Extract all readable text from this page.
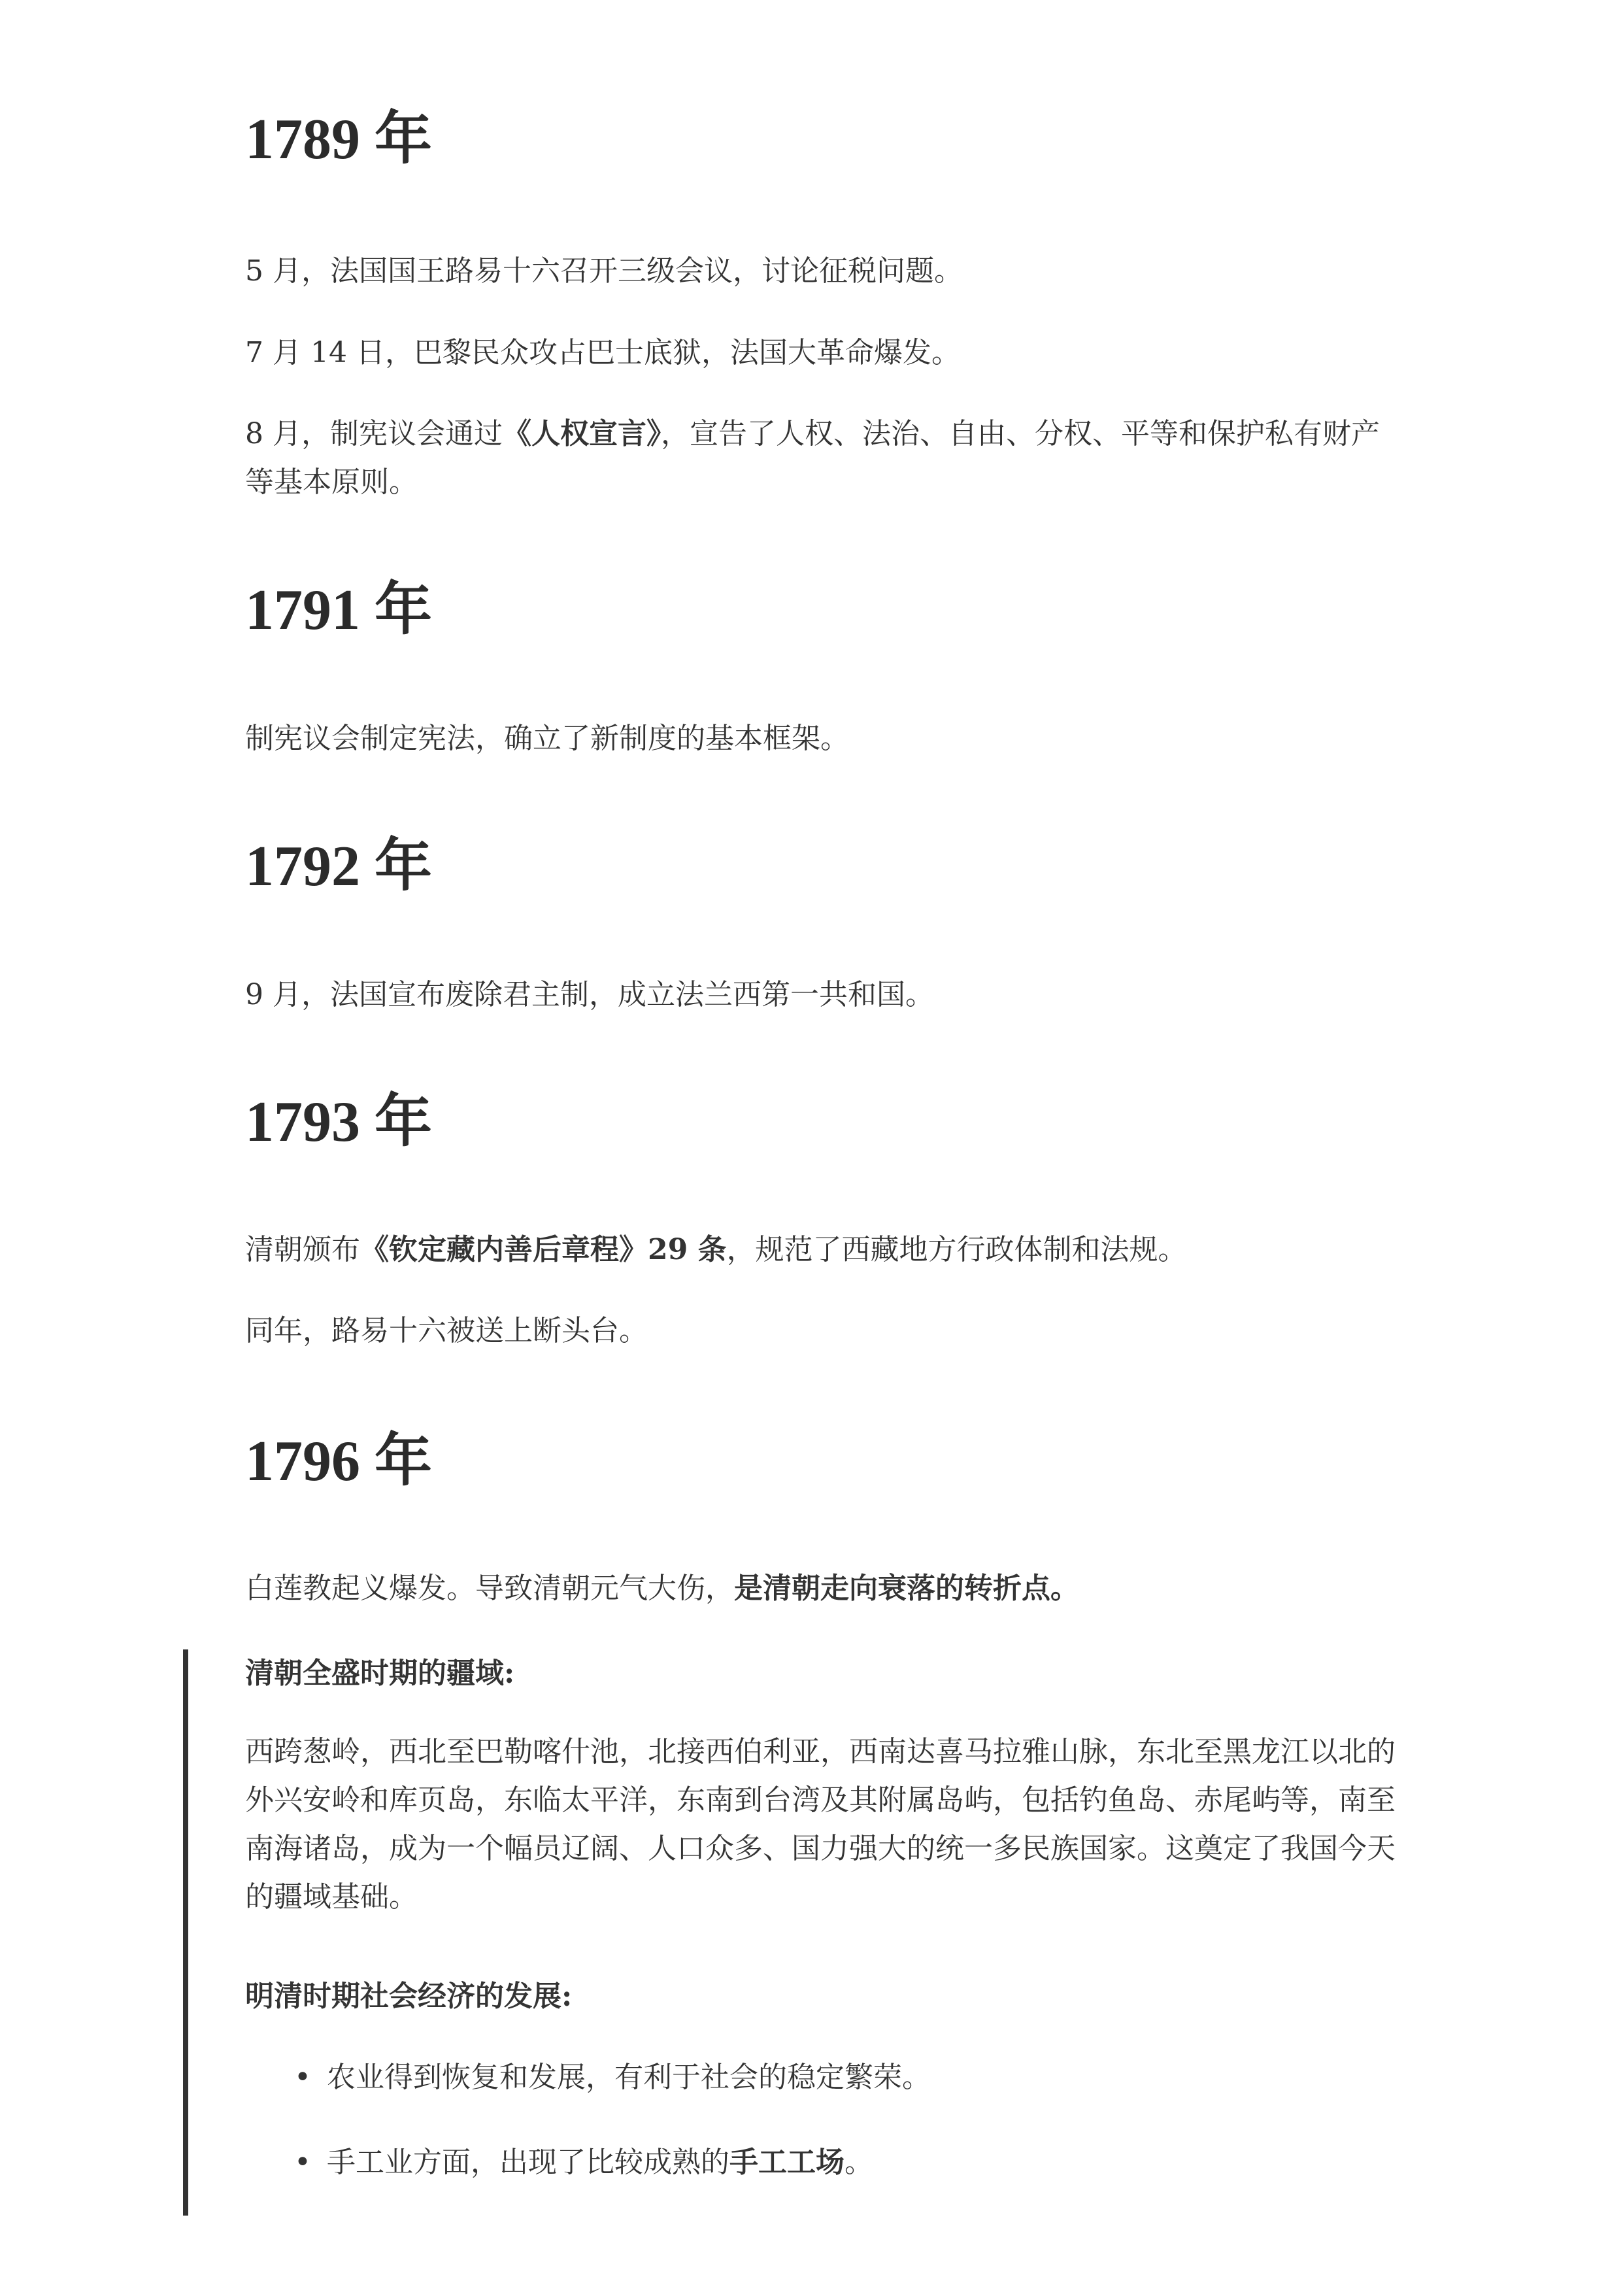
1789 年

5 月，法国国王路易十六召开三级会议，讨论征税问题。

7 月 14 日，巴黎民众攻占巴士底狱，法国大革命爆发。

8 月，制宪议会通过《人权宣言》，宣告了人权、法治、自由、分权、平等和保护私有财产等基本原则。

1791 年

制宪议会制定宪法，确立了新制度的基本框架。

1792 年

9 月，法国宣布废除君主制，成立法兰西第一共和国。

1793 年

清朝颁布《钦定藏内善后章程》29 条，规范了西藏地方行政体制和法规。

同年，路易十六被送上断头台。

1796 年

白莲教起义爆发。导致清朝元气大伤，是清朝走向衰落的转折点。

清朝全盛时期的疆域:

西跨葱岭，西北至巴勒喀什池，北接西伯利亚，西南达喜马拉雅山脉，东北至黑龙江以北的外兴安岭和库页岛，东临太平洋，东南到台湾及其附属岛屿，包括钓鱼岛、赤尾屿等，南至南海诸岛，成为一个幅员辽阔、人口众多、国力强大的统一多民族国家。这奠定了我国今天的疆域基础。

明清时期社会经济的发展:

• 农业得到恢复和发展，有利于社会的稳定繁荣。
• 手工业方面，出现了比较成熟的手工工场。
